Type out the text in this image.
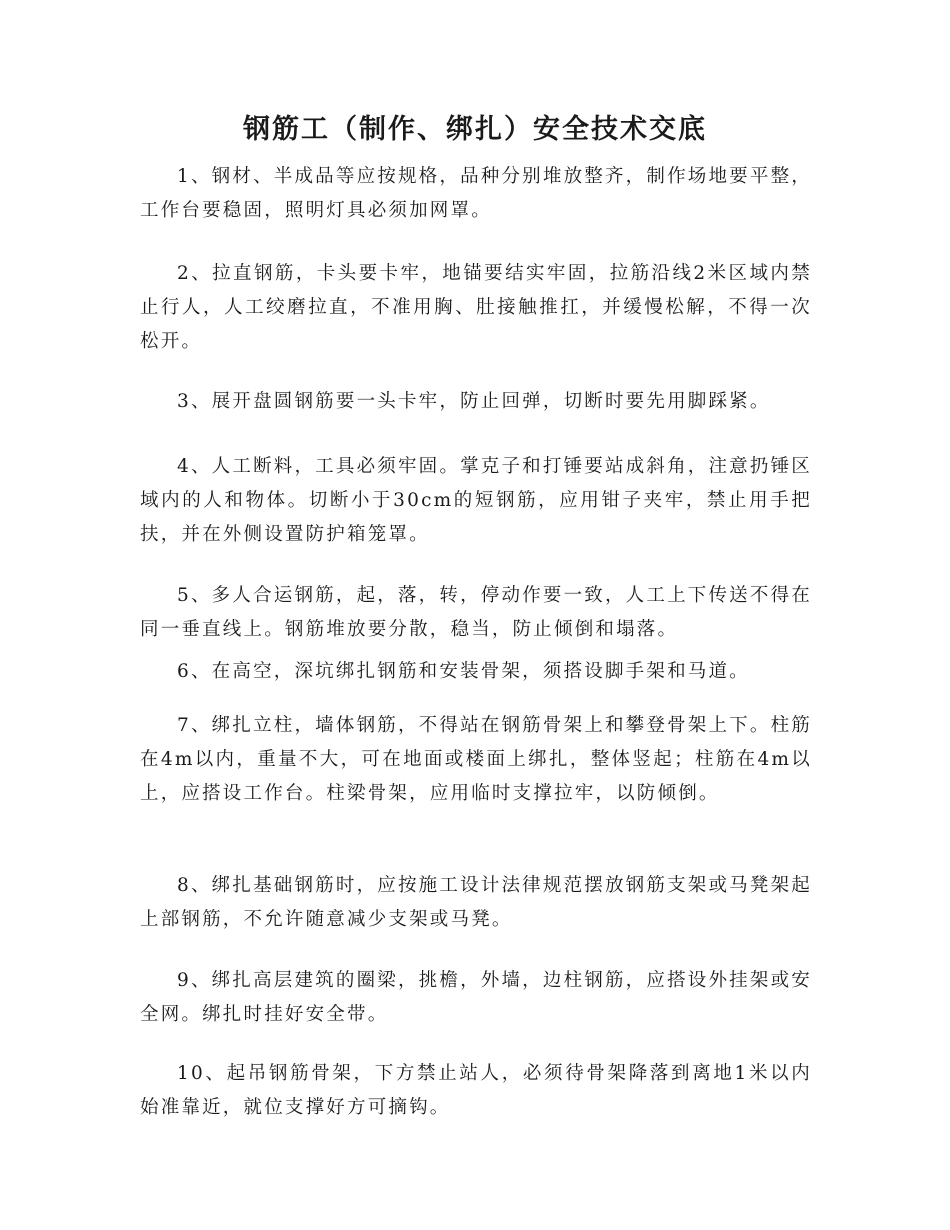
钢筋工（制作、绑扎）安全技术交底

1、钢材、半成品等应按规格，品种分别堆放整齐，制作场地要平整，工作台要稳固，照明灯具必须加网罩。

2、拉直钢筋，卡头要卡牢，地锚要结实牢固，拉筋沿线2米区域内禁止行人，人工绞磨拉直，不准用胸、肚接触推扛，并缓慢松解，不得一次松开。

3、展开盘圆钢筋要一头卡牢，防止回弹，切断时要先用脚踩紧。

4、人工断料，工具必须牢固。掌克子和打锤要站成斜角，注意扔锤区域内的人和物体。切断小于30cm的短钢筋，应用钳子夹牢，禁止用手把扶，并在外侧设置防护箱笼罩。

5、多人合运钢筋，起，落，转，停动作要一致，人工上下传送不得在同一垂直线上。钢筋堆放要分散，稳当，防止倾倒和塌落。

6、在高空，深坑绑扎钢筋和安装骨架，须搭设脚手架和马道。

7、绑扎立柱，墙体钢筋，不得站在钢筋骨架上和攀登骨架上下。柱筋在4m以内，重量不大，可在地面或楼面上绑扎，整体竖起；柱筋在4m以上，应搭设工作台。柱梁骨架，应用临时支撑拉牢，以防倾倒。

8、绑扎基础钢筋时，应按施工设计法律规范摆放钢筋支架或马凳架起上部钢筋，不允许随意减少支架或马凳。

9、绑扎高层建筑的圈梁，挑檐，外墙，边柱钢筋，应搭设外挂架或安全网。绑扎时挂好安全带。

10、起吊钢筋骨架，下方禁止站人，必须待骨架降落到离地1米以内始准靠近，就位支撑好方可摘钩。
